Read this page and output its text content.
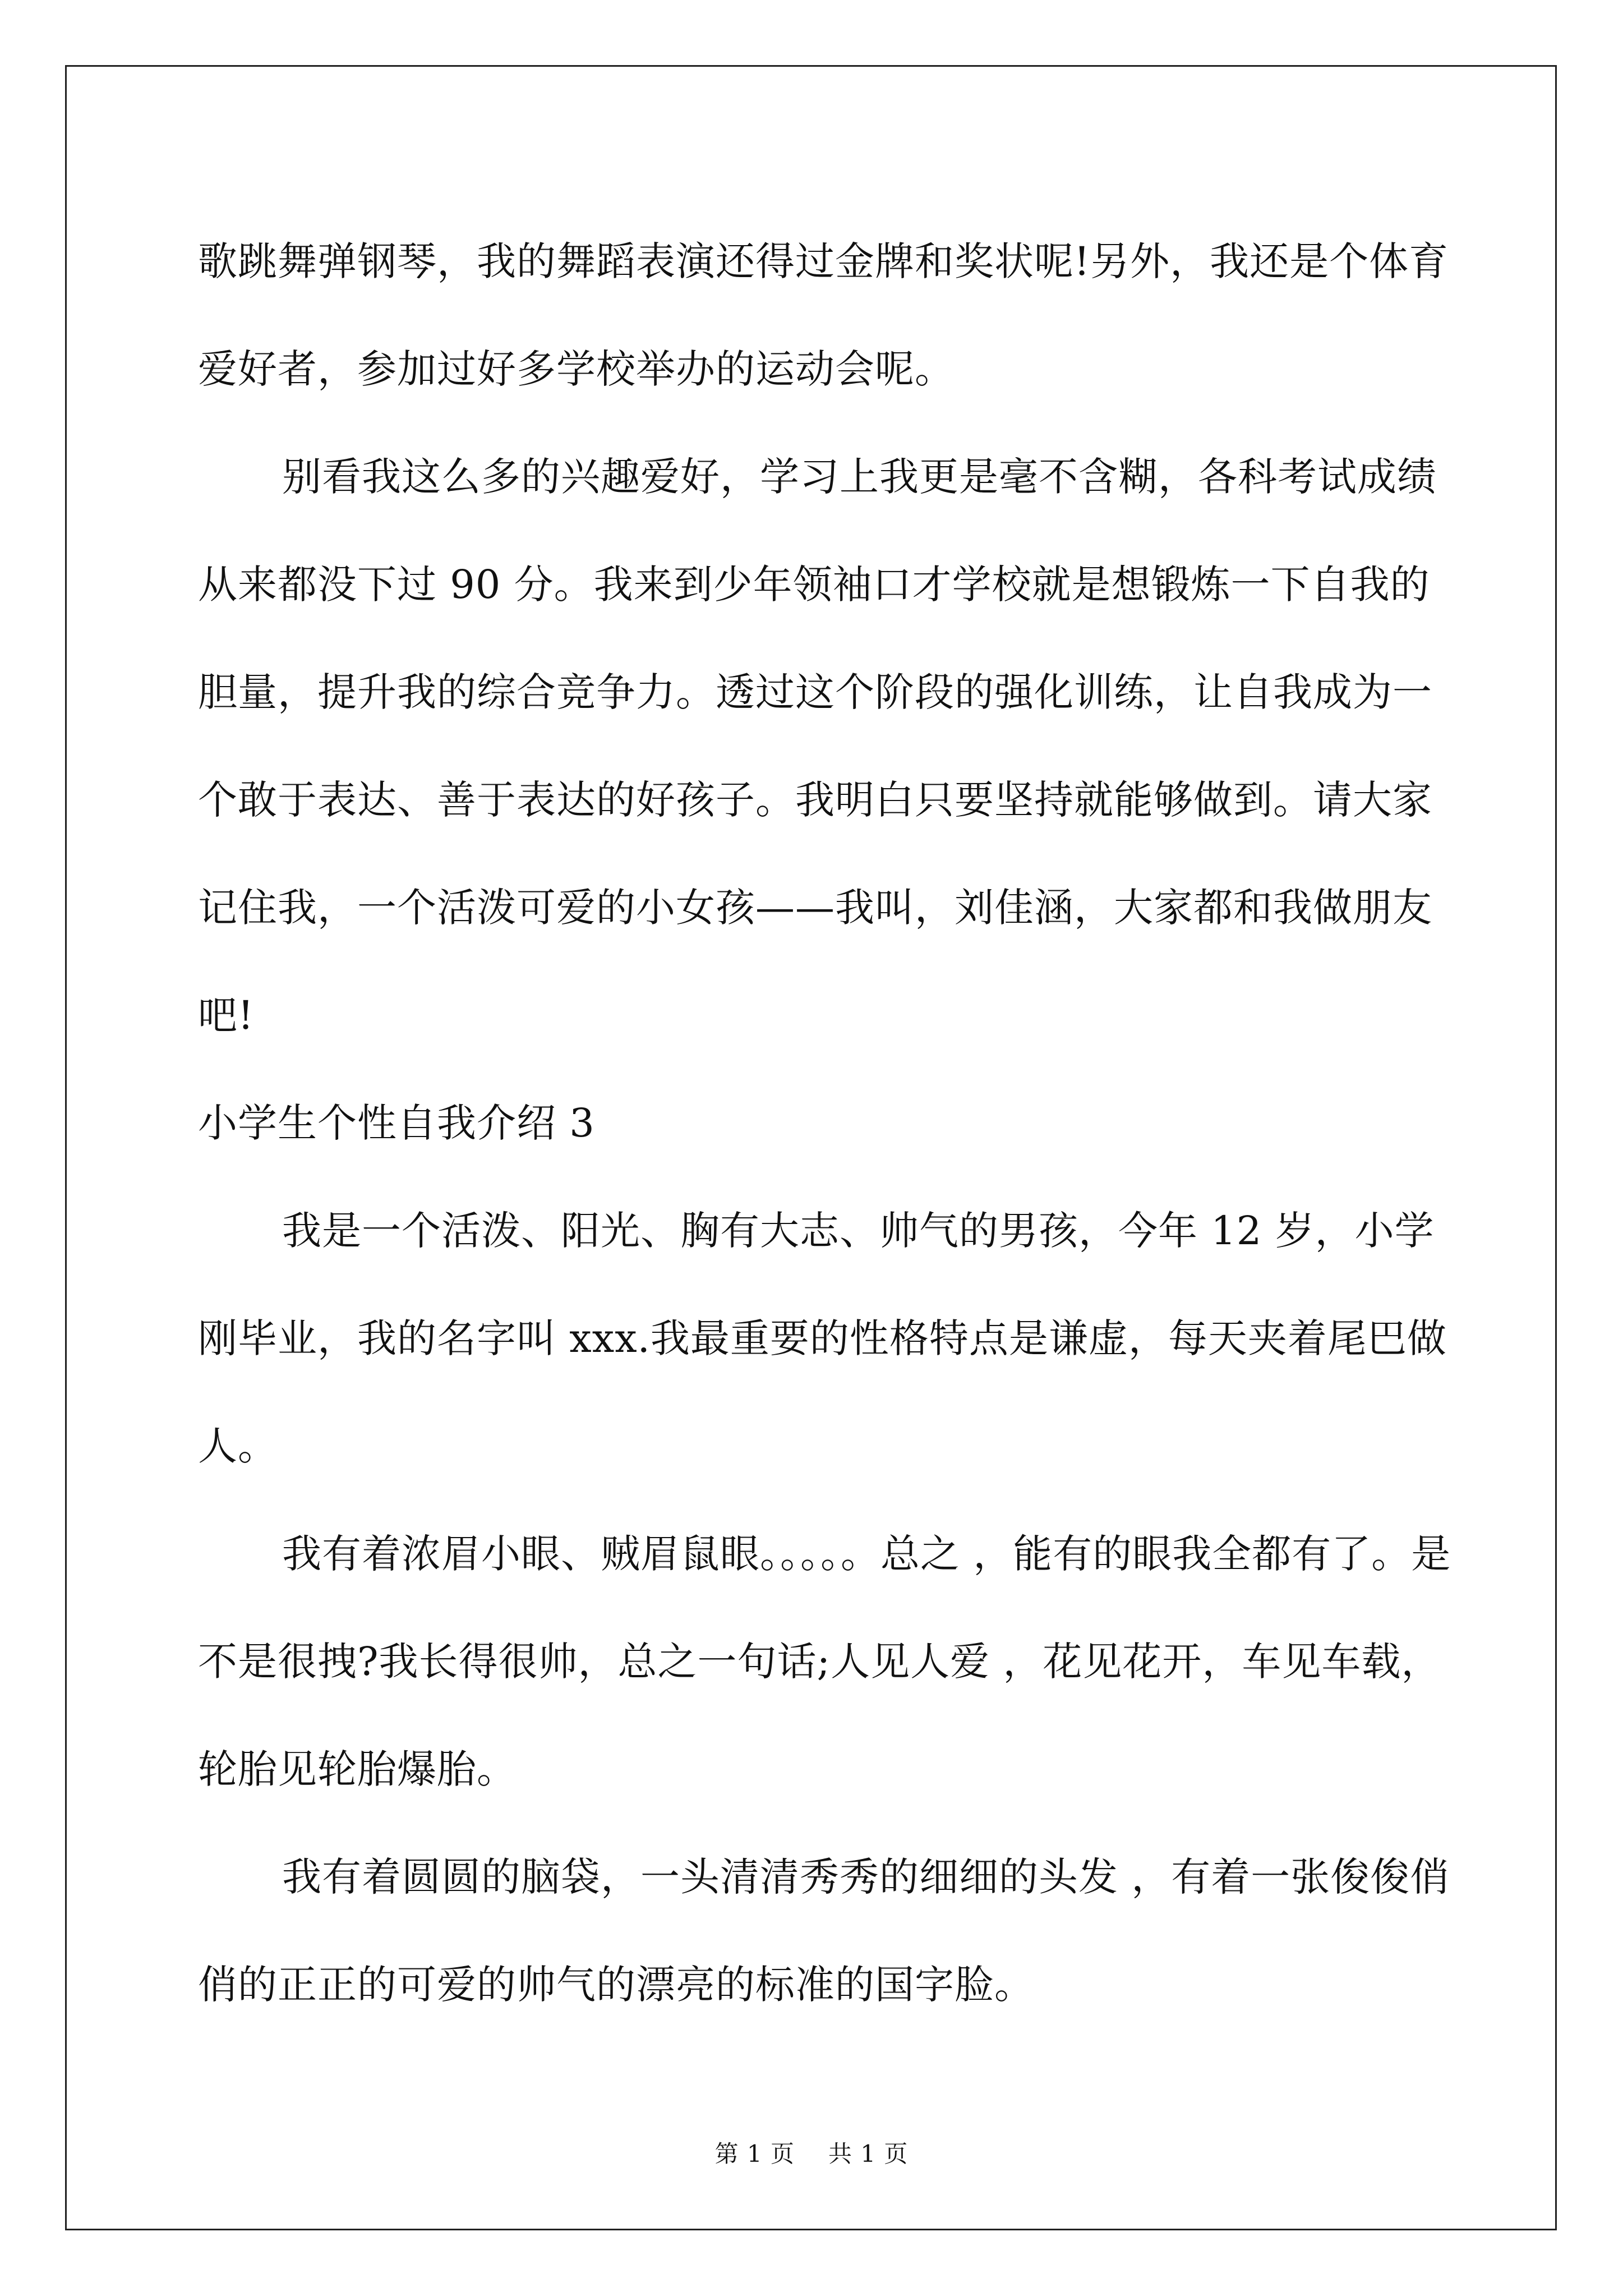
歌跳舞弹钢琴，我的舞蹈表演还得过金牌和奖状呢!另外，我还是个体育爱好者，参加过好多学校举办的运动会呢。

别看我这么多的兴趣爱好，学习上我更是毫不含糊，各科考试成绩从来都没下过 90 分。我来到少年领袖口才学校就是想锻炼一下自我的胆量，提升我的综合竞争力。透过这个阶段的强化训练，让自我成为一个敢于表达、善于表达的好孩子。我明白只要坚持就能够做到。请大家记住我，一个活泼可爱的小女孩——我叫，刘佳涵，大家都和我做朋友吧!

小学生个性自我介绍 3

我是一个活泼、阳光、胸有大志、帅气的男孩，今年 12 岁，小学刚毕业，我的名字叫 xxx.我最重要的性格特点是谦虚，每天夹着尾巴做人。

我有着浓眉小眼、贼眉鼠眼。。。。。总之 ，能有的眼我全都有了。是不是很拽?我长得很帅，总之一句话;人见人爱 ，花见花开，车见车载，轮胎见轮胎爆胎。

我有着圆圆的脑袋，一头清清秀秀的细细的头发 ，有着一张俊俊俏俏的正正的可爱的帅气的漂亮的标准的国字脸。

第 1 页 共 1 页
